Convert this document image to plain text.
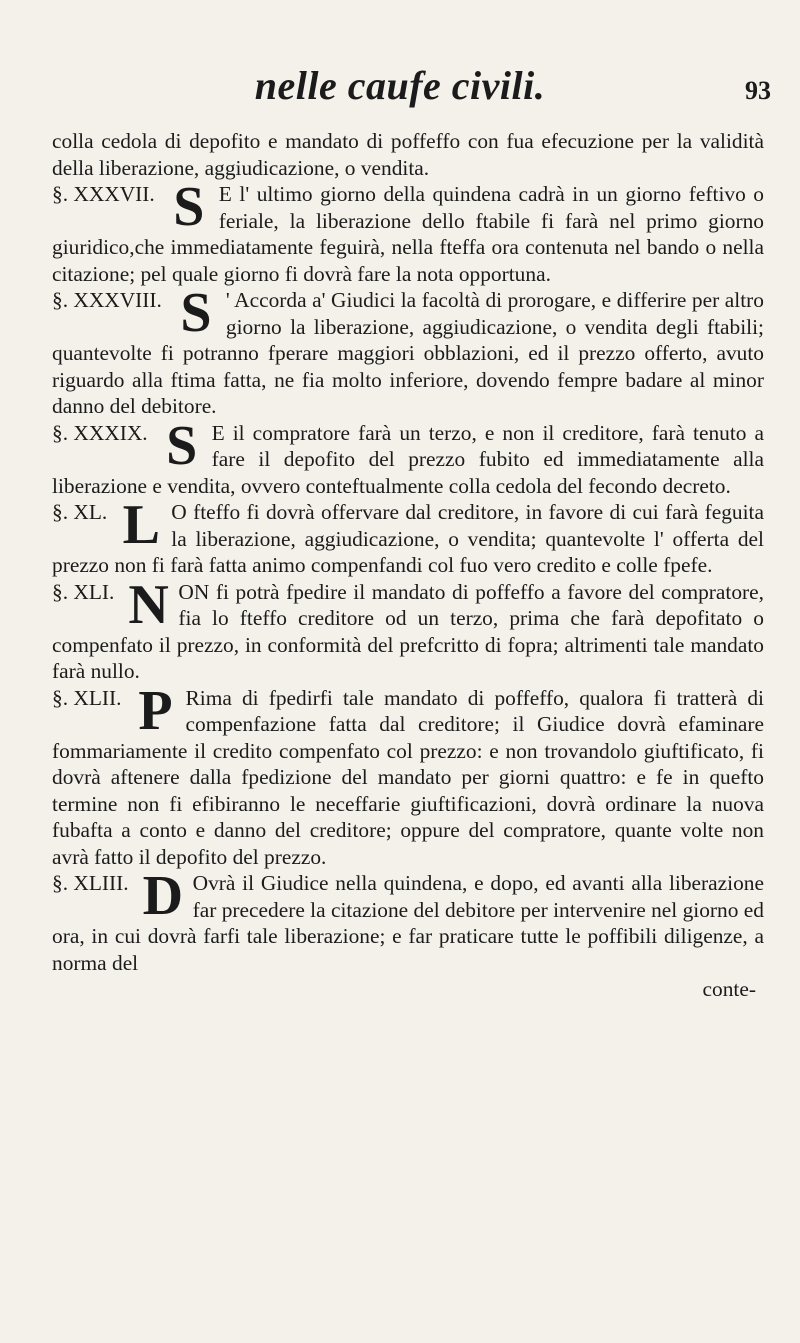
nelle caufe civili.	93

colla cedola di depofito e mandato di poffeffo con fua efecuzione per la validità della liberazione, aggiudicazione, o vendita.

§. XXXVII. S E l' ultimo giorno della quindena cadrà in un giorno feftivo o feriale, la liberazione dello ftabile fi farà nel primo giorno giuridico,che immediatamente feguirà, nella fteffa ora contenuta nel bando o nella citazione; pel quale giorno fi dovrà fare la nota opportuna.

§. XXXVIII. S ' Accorda a' Giudici la facoltà di prorogare, e differire per altro giorno la liberazione, aggiudicazione, o vendita degli ftabili; quantevolte fi potranno fperare maggiori obblazioni, ed il prezzo offerto, avuto riguardo alla ftima fatta, ne fia molto inferiore, dovendo fempre badare al minor danno del debitore.

§. XXXIX. S E il compratore farà un terzo, e non il creditore, farà tenuto a fare il depofito del prezzo fubito ed immediatamente alla liberazione e vendita, ovvero conteftualmente colla cedola del fecondo decreto.

§. XL. L O fteffo fi dovrà offervare dal creditore, in favore di cui farà feguita la liberazione, aggiudicazione, o vendita; quantevolte l' offerta del prezzo non fi farà fatta animo compenfandi col fuo vero credito e colle fpefe.

§. XLI. N ON fi potrà fpedire il mandato di poffeffo a favore del compratore, fia lo fteffo creditore od un terzo, prima che farà depofitato o compenfato il prezzo, in conformità del prefcritto di fopra; altrimenti tale mandato farà nullo.

§. XLII. P Rima di fpedirfi tale mandato di poffeffo, qualora fi tratterà di compenfazione fatta dal creditore; il Giudice dovrà efaminare fommariamente il credito compenfato col prezzo: e non trovandolo giuftificato, fi dovrà aftenere dalla fpedizione del mandato per giorni quattro: e fe in quefto termine non fi efibiranno le neceffarie giuftificazioni, dovrà ordinare la nuova fubafta a conto e danno del creditore; oppure del compratore, quante volte non avrà fatto il depofito del prezzo.

§. XLIII. D Ovrà il Giudice nella quindena, e dopo, ed avanti alla liberazione far precedere la citazione del debitore per intervenire nel giorno ed ora, in cui dovrà farfi tale liberazione; e far praticare tutte le poffibili diligenze, a norma del

conte-
